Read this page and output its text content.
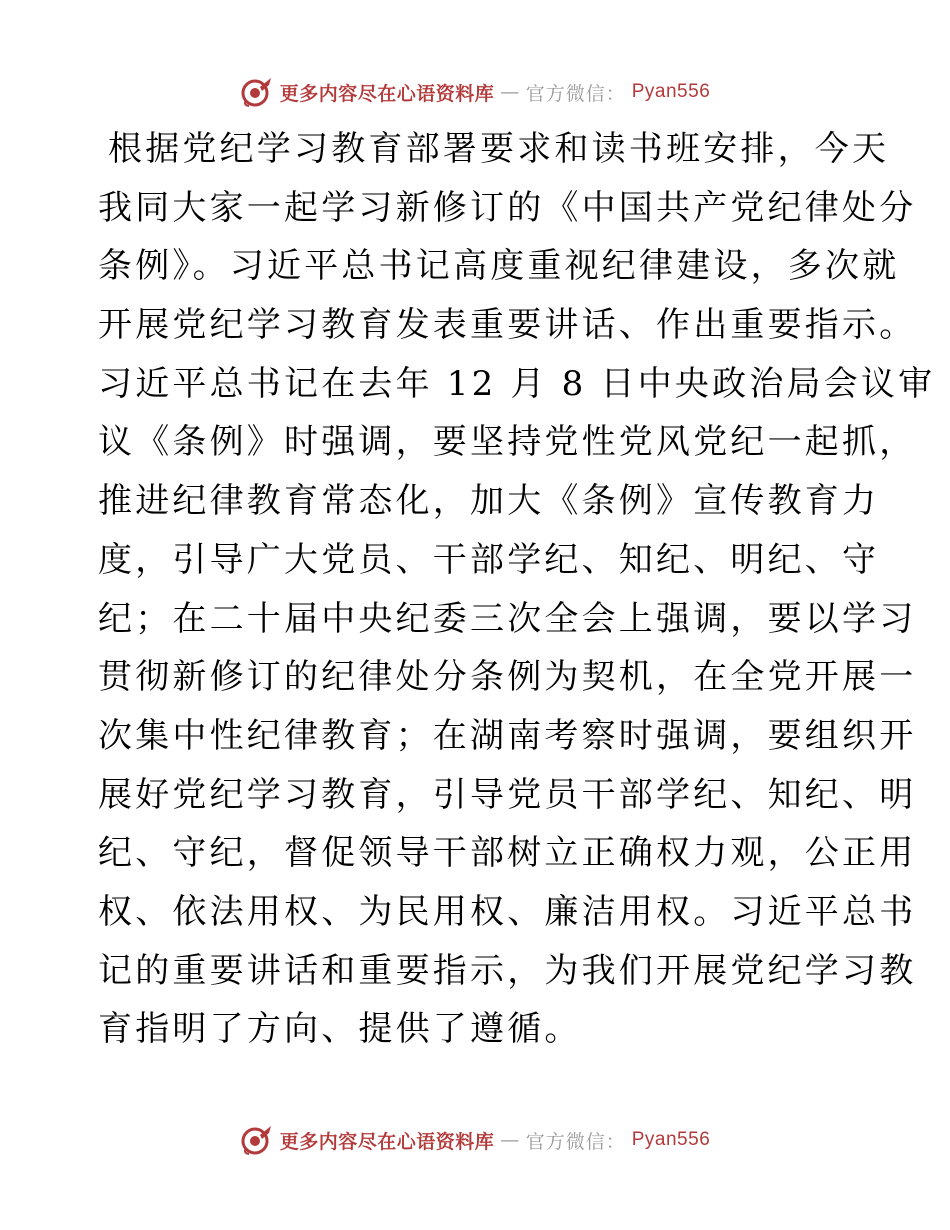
更多内容尽在心语资料库 — 官方微信： Pyan556
根据党纪学习教育部署要求和读书班安排，今天
我同大家一起学习新修订的《中国共产党纪律处分
条例》。习近平总书记高度重视纪律建设，多次就
开展党纪学习教育发表重要讲话、作出重要指示。
习近平总书记在去年 12 月 8 日中央政治局会议审
议《条例》时强调，要坚持党性党风党纪一起抓，
推进纪律教育常态化，加大《条例》宣传教育力
度，引导广大党员、干部学纪、知纪、明纪、守
纪；在二十届中央纪委三次全会上强调，要以学习
贯彻新修订的纪律处分条例为契机，在全党开展一
次集中性纪律教育；在湖南考察时强调，要组织开
展好党纪学习教育，引导党员干部学纪、知纪、明
纪、守纪，督促领导干部树立正确权力观，公正用
权、依法用权、为民用权、廉洁用权。习近平总书
记的重要讲话和重要指示，为我们开展党纪学习教
育指明了方向、提供了遵循。
更多内容尽在心语资料库 — 官方微信： Pyan556
